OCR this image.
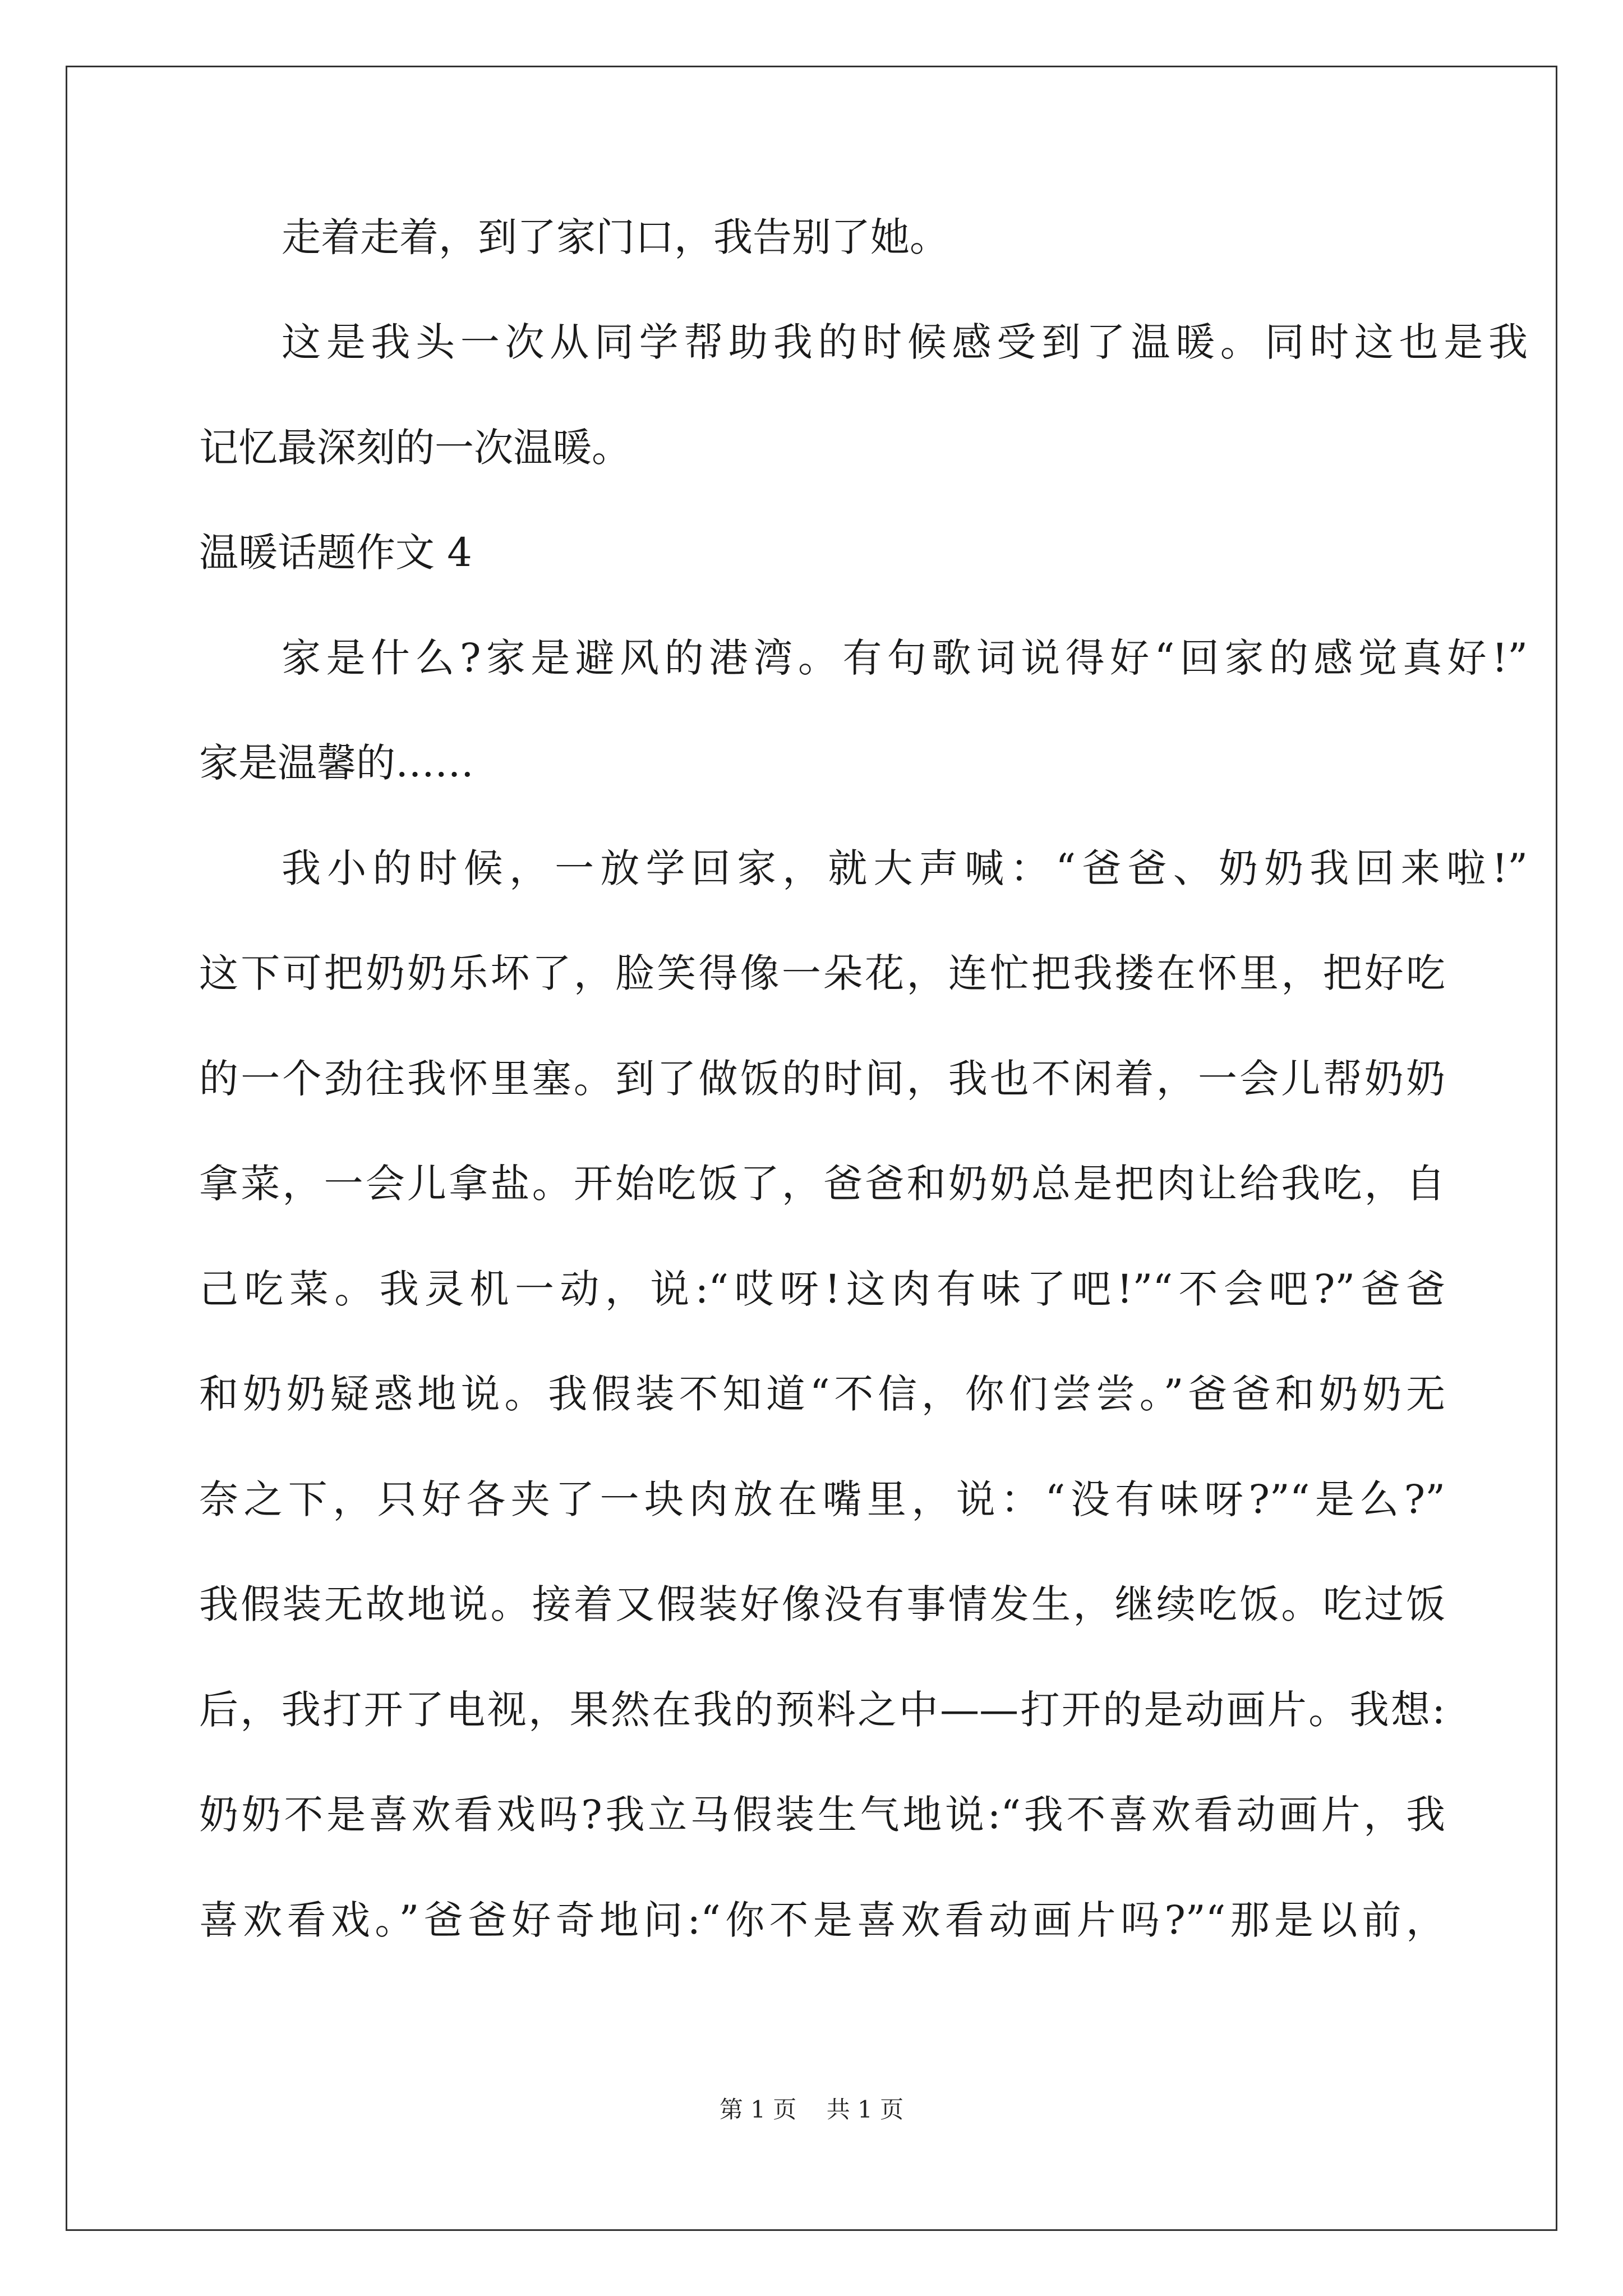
走着走着，到了家门口，我告别了她。
这是我头一次从同学帮助我的时候感受到了温暖。同时这也是我
记忆最深刻的一次温暖。
温暖话题作文 4
家是什么?家是避风的港湾。有句歌词说得好“回家的感觉真好!”
家是温馨的……
我小的时候，一放学回家，就大声喊：“爸爸、奶奶我回来啦!”
这下可把奶奶乐坏了，脸笑得像一朵花，连忙把我搂在怀里，把好吃
的一个劲往我怀里塞。到了做饭的时间，我也不闲着，一会儿帮奶奶
拿菜，一会儿拿盐。开始吃饭了，爸爸和奶奶总是把肉让给我吃，自
己吃菜。我灵机一动，说:“哎呀!这肉有味了吧!”“不会吧?”爸爸
和奶奶疑惑地说。我假装不知道“不信，你们尝尝。”爸爸和奶奶无
奈之下，只好各夹了一块肉放在嘴里，说：“没有味呀?”“是么?”
我假装无故地说。接着又假装好像没有事情发生，继续吃饭。吃过饭
后，我打开了电视，果然在我的预料之中——打开的是动画片。我想:
奶奶不是喜欢看戏吗?我立马假装生气地说:“我不喜欢看动画片，我
喜欢看戏。”爸爸好奇地问:“你不是喜欢看动画片吗?”“那是以前，
第 1 页 共 1 页
